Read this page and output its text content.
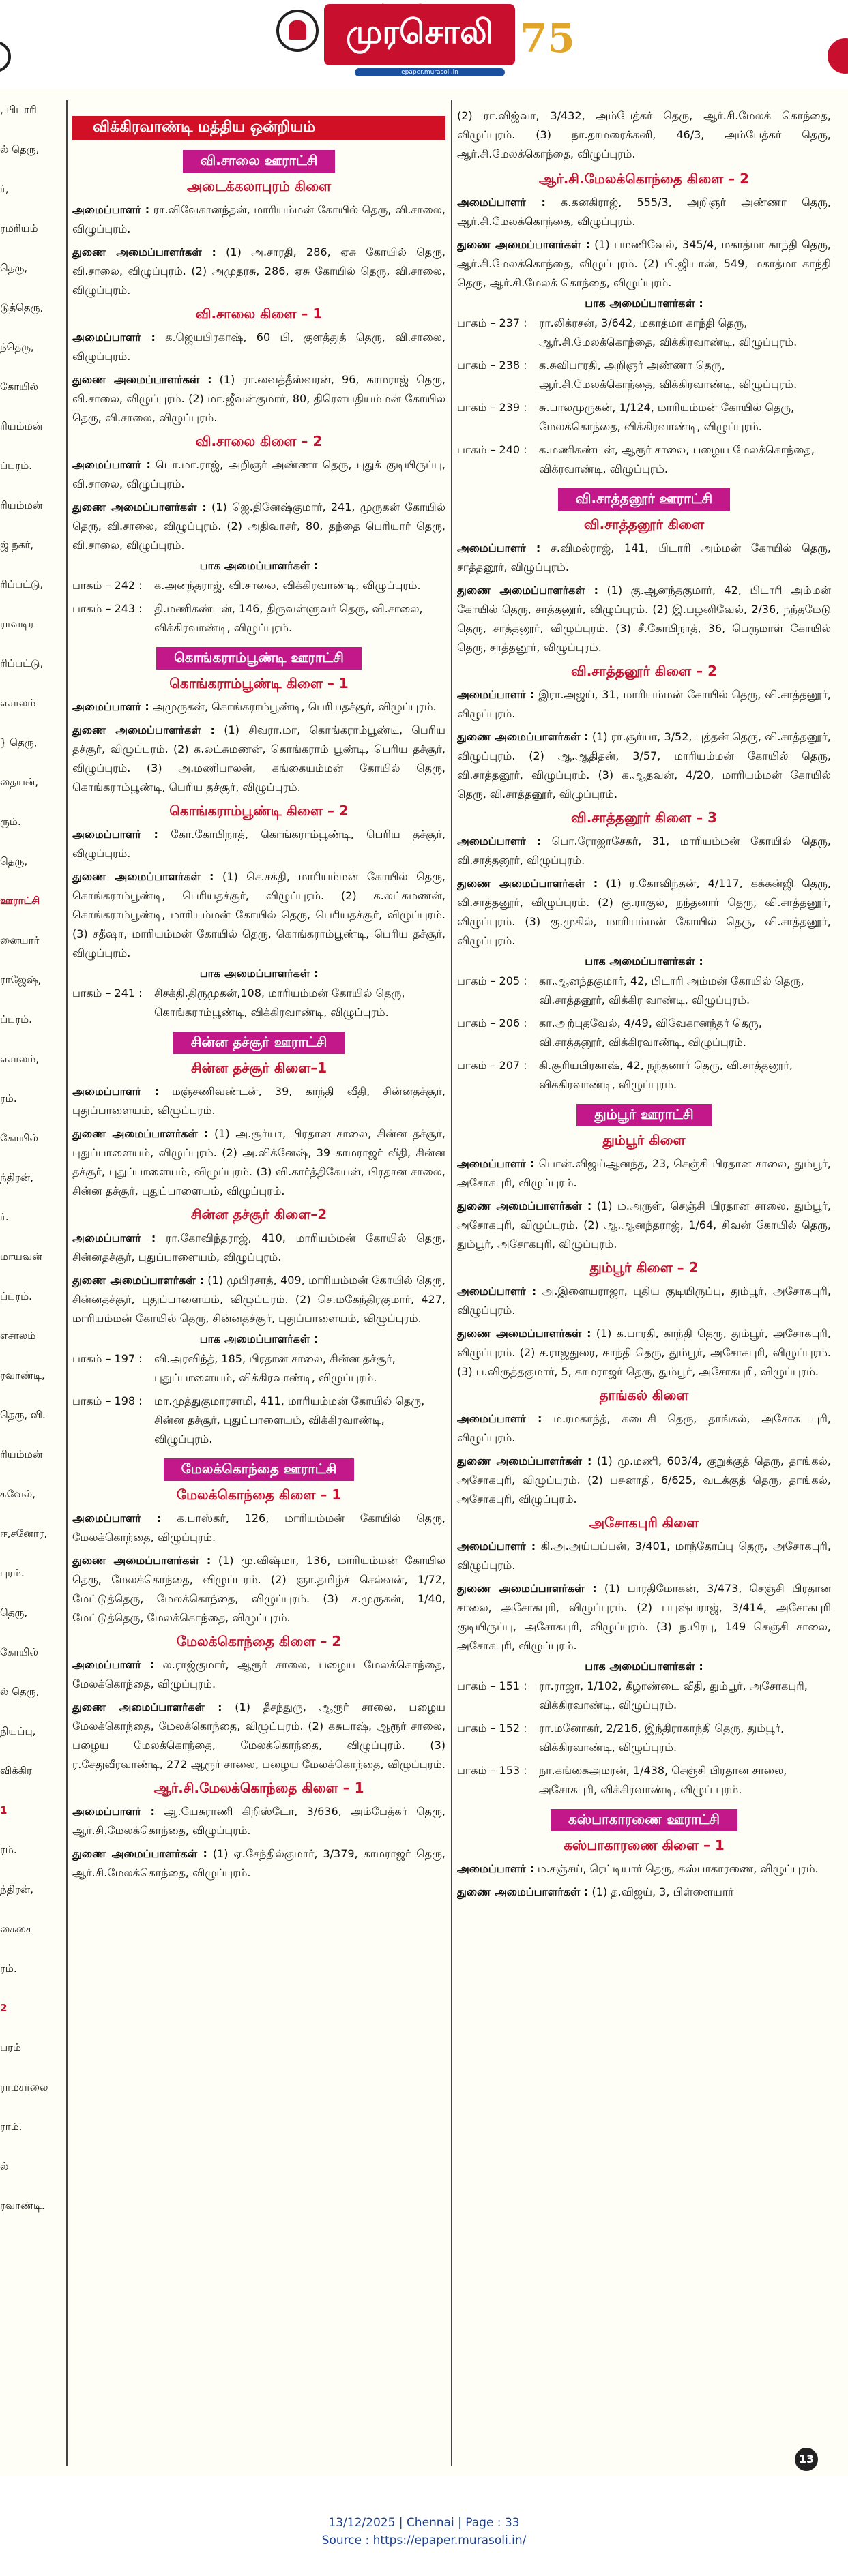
முரசொலி
epaper.murasoli.in
75
, பிடாரி
ல் தெரு,
ர்,
ரமரியம்
தெரு,
டுத்தெரு,
ந்தெரு,
கோயில்
ரியம்மன்
ப்புரம்.
ரியம்மன்
ஜ் நகர்,
ரிப்பட்டு,
ராவடிர
ரிப்பட்டு,
எசாலம்
} தெரு,
தையன்,
ரும்.
தெரு,
ஊராட்சி
னையார்
ராஜேஷ்,
ப்புரம்.
எசாலம்,
ரம்.
கோயில்
ந்திரன்,
ர்.
மாயவன்
ப்புரம்.
எசாலம்
ரவாண்டி,
தெரு, வி.
ரியம்மன்
சுவேல்,
ஈ,சனோர,
புரம்.
தெரு,
கோயில்
ல் தெரு,
நியப்பு,
விக்கிர
1
ரம்.
ந்திரன்,
கைசை
ரம்.
2
பரம்
ராமசாலை
ராம்.
ல்
ரவாண்டி.
விக்கிரவாண்டி மத்திய ஒன்றியம்
வி.சாலை ஊராட்சி
அடைக்கலாபுரம் கிளை
அமைப்பாளர் : ரா.விவேகானந்தன், மாரியம்மன் கோயில் தெரு, வி.சாலை, விழுப்புரம்.
துணை அமைப்பாளர்கள் : (1) அ.சாரதி, 286, ஏசு கோயில் தெரு, வி.சாலை, விழுப்புரம். (2) அமுதரசு, 286, ஏசு கோயில் தெரு, வி.சாலை, விழுப்புரம்.
வி.சாலை கிளை – 1
அமைப்பாளர் : க.ஜெயபிரகாஷ், 60 பி, குளத்துத் தெரு, வி.சாலை, விழுப்புரம்.
துணை அமைப்பாளர்கள் : (1) ரா.வைத்தீஸ்வரன், 96, காமராஜ் தெரு, வி.சாலை, விழுப்புரம். (2) மா.ஜீவன்குமார், 80, திரௌபதியம்மன் கோயில் தெரு, வி.சாலை, விழுப்புரம்.
வி.சாலை கிளை – 2
அமைப்பாளர் : பொ.மா.ராஜ், அறிஞர் அண்ணா தெரு, புதுக் குடியிருப்பு, வி.சாலை, விழுப்புரம்.
துணை அமைப்பாளர்கள் : (1) ஜெ.தினேஷ்குமார், 241, முருகன் கோயில் தெரு, வி.சாலை, விழுப்புரம். (2) அதிவாசர், 80, தந்தை பெரியார் தெரு, வி.சாலை, விழுப்புரம்.
பாக அமைப்பாளர்கள் :
பாகம் – 242 :	க.அனந்தராஜ், வி.சாலை, விக்கிரவாண்டி, விழுப்புரம்.
பாகம் – 243 :	தி.மணிகண்டன், 146, திருவள்ளுவர் தெரு, வி.சாலை, விக்கிரவாண்டி, விழுப்புரம்.
கொங்கராம்பூண்டி ஊராட்சி
கொங்கராம்பூண்டி கிளை – 1
அமைப்பாளர் : அமுருகன், கொங்கராம்பூண்டி, பெரியதச்சூர், விழுப்புரம்.
துணை அமைப்பாளர்கள் : (1) சிவரா.மா, கொங்கராம்பூண்டி, பெரிய தச்சூர், விழுப்புரம். (2) க.லட்சுமணன், கொங்கராம் பூண்டி, பெரிய தச்சூர், விழுப்புரம். (3) அ.மணிபாலன், கங்கையம்மன் கோயில் தெரு, கொங்கராம்பூண்டி, பெரிய தச்சூர், விழுப்புரம்.
கொங்கராம்பூண்டி கிளை – 2
அமைப்பாளர் : கோ.கோபிநாத், கொங்கராம்பூண்டி, பெரிய தச்சூர், விழுப்புரம்.
துணை அமைப்பாளர்கள் : (1) செ.சக்தி, மாரியம்மன் கோயில் தெரு, கொங்கராம்பூண்டி, பெரியதச்சூர், விழுப்புரம். (2) க.லட்சுமணன், கொங்கராம்பூண்டி, மாரியம்மன் கோயில் தெரு, பெரியதச்சூர், விழுப்புரம். (3) சதீஷா, மாரியம்மன் கோயில் தெரு, கொங்கராம்பூண்டி, பெரிய தச்சூர், விழுப்புரம்.
பாக அமைப்பாளர்கள் :
பாகம் – 241 :	சிசக்தி.திருமுகன்,108, மாரியம்மன் கோயில் தெரு, கொங்கராம்பூண்டி, விக்கிரவாண்டி, விழுப்புரம்.
சின்ன தச்சூர் ஊராட்சி
சின்ன தச்சூர் கிளை–1
அமைப்பாளர் : மஞ்சணிவண்டன், 39, காந்தி வீதி, சின்னதச்சூர், புதுப்பாளையம், விழுப்புரம்.
துணை அமைப்பாளர்கள் : (1) அ.சூர்யா, பிரதான சாலை, சின்ன தச்சூர், புதுப்பாளையம், விழுப்புரம். (2) அ.விக்னேஷ், 39 காமராஜர் வீதி, சின்ன தச்சூர், புதுப்பாளையம், விழுப்புரம். (3) வி.கார்த்திகேயன், பிரதான சாலை, சின்ன தச்சூர், புதுப்பாளையம், விழுப்புரம்.
சின்ன தச்சூர் கிளை–2
அமைப்பாளர் : ரா.கோவிந்தராஜ், 410, மாரியம்மன் கோயில் தெரு, சின்னதச்சூர், புதுப்பாளையம், விழுப்புரம்.
துணை அமைப்பாளர்கள் : (1) முபிரசாத், 409, மாரியம்மன் கோயில் தெரு, சின்னதச்சூர், புதுப்பாளையம், விழுப்புரம். (2) செ.மகேந்திரகுமார், 427, மாரியம்மன் கோயில் தெரு, சின்னதச்சூர், புதுப்பாளையம், விழுப்புரம்.
பாக அமைப்பாளர்கள் :
பாகம் – 197 :	வி.அரவிந்த், 185, பிரதான சாலை, சின்ன தச்சூர், புதுப்பாளையம், விக்கிரவாண்டி, விழுப்புரம்.
பாகம் – 198 :	மா.முத்துகுமாரசாமி, 411, மாரியம்மன் கோயில் தெரு, சின்ன தச்சூர், புதுப்பாளையம், விக்கிரவாண்டி, விழுப்புரம்.
மேலக்கொந்தை ஊராட்சி
மேலக்கொந்தை கிளை – 1
அமைப்பாளர் : க.பாஸ்கர், 126, மாரியம்மன் கோயில் தெரு, மேலக்கொந்தை, விழுப்புரம்.
துணை அமைப்பாளர்கள் : (1) மு.விஷ்மா, 136, மாரியம்மன் கோயில் தெரு, மேலக்கொந்தை, விழுப்புரம். (2) ஞா.தமிழ்ச் செல்வன், 1/72, மேட்டுத்தெரு, மேலக்கொந்தை, விழுப்புரம். (3) ச.முருகன், 1/40, மேட்டுத்தெரு, மேலக்கொந்தை, விழுப்புரம்.
மேலக்கொந்தை கிளை – 2
அமைப்பாளர் : ல.ராஜ்குமார், ஆரூர் சாலை, பழைய மேலக்கொந்தை, மேலக்கொந்தை, விழுப்புரம்.
துணை அமைப்பாளர்கள் : (1) தீசந்துரு, ஆரூர் சாலை, பழைய மேலக்கொந்தை, மேலக்கொந்தை, விழுப்புரம். (2) கசுபாஷ், ஆரூர் சாலை, பழைய மேலக்கொந்தை, மேலக்கொந்தை, விழுப்புரம். (3) ர.சேதுவீரவாண்டி, 272 ஆரூர் சாலை, பழைய மேலக்கொந்தை, விழுப்புரம்.
ஆர்.சி.மேலக்கொந்தை கிளை – 1
அமைப்பாளர் : ஆ.யேசுராணி கிறிஸ்டோ, 3/636, அம்பேத்கர் தெரு, ஆர்.சி.மேலக்கொந்தை, விழுப்புரம்.
துணை அமைப்பாளர்கள் : (1) ஏ.சேந்தில்குமார், 3/379, காமராஜர் தெரு, ஆர்.சி.மேலக்கொந்தை, விழுப்புரம்.
(2) ரா.விஜ்வா, 3/432, அம்பேத்கர் தெரு, ஆர்.சி.மேலக் கொந்தை, விழுப்புரம். (3) நா.தாமரைக்கனி, 46/3, அம்பேத்கர் தெரு, ஆர்.சி.மேலக்கொந்தை, விழுப்புரம்.
ஆர்.சி.மேலக்கொந்தை கிளை – 2
அமைப்பாளர் : க.கனகிராஜ், 555/3, அறிஞர் அண்ணா தெரு, ஆர்.சி.மேலக்கொந்தை, விழுப்புரம்.
துணை அமைப்பாளர்கள் : (1) பமணிவேல், 345/4, மகாத்மா காந்தி தெரு, ஆர்.சி.மேலக்கொந்தை, விழுப்புரம். (2) பி.ஜியான், 549, மகாத்மா காந்தி தெரு, ஆர்.சி.மேலக் கொந்தை, விழுப்புரம்.
பாக அமைப்பாளர்கள் :
பாகம் – 237 :	ரா.லிக்ரசன், 3/642, மகாத்மா காந்தி தெரு, ஆர்.சி.மேலக்கொந்தை, விக்கிரவாண்டி, விழுப்புரம்.
பாகம் – 238 :	க.சுவிபாரதி, அறிஞர் அண்ணா தெரு, ஆர்.சி.மேலக்கொந்தை, விக்கிரவாண்டி, விழுப்புரம்.
பாகம் – 239 :	சு.பாலமுருகன், 1/124, மாரியம்மன் கோயில் தெரு, மேலக்கொந்தை, விக்கிரவாண்டி, விழுப்புரம்.
பாகம் – 240 :	க.மணிகண்டன், ஆரூர் சாலை, பழைய மேலக்கொந்தை, விக்ரவாண்டி, விழுப்புரம்.
வி.சாத்தனூர் ஊராட்சி
வி.சாத்தனூர் கிளை
அமைப்பாளர் : ச.விமல்ராஜ், 141, பிடாரி அம்மன் கோயில் தெரு, சாத்தனூர், விழுப்புரம்.
துணை அமைப்பாளர்கள் : (1) கு.ஆனந்தகுமார், 42, பிடாரி அம்மன் கோயில் தெரு, சாத்தனூர், விழுப்புரம். (2) இ.பழனிவேல், 2/36, நந்தமேடு தெரு, சாத்தனூர், விழுப்புரம். (3) சீ.கோபிநாத், 36, பெருமாள் கோயில் தெரு, சாத்தனூர், விழுப்புரம்.
வி.சாத்தனூர் கிளை – 2
அமைப்பாளர் : இரா.அஜய், 31, மாரியம்மன் கோயில் தெரு, வி.சாத்தனூர், விழுப்புரம்.
துணை அமைப்பாளர்கள் : (1) ரா.சூர்யா, 3/52, புத்தன் தெரு, வி.சாத்தனூர், விழுப்புரம். (2) ஆ.ஆதிதன், 3/57, மாரியம்மன் கோயில் தெரு, வி.சாத்தனூர், விழுப்புரம். (3) க.ஆதவன், 4/20, மாரியம்மன் கோயில் தெரு, வி.சாத்தனூர், விழுப்புரம்.
வி.சாத்தனூர் கிளை – 3
அமைப்பாளர் : பொ.ரோஜாசேகர், 31, மாரியம்மன் கோயில் தெரு, வி.சாத்தனூர், விழுப்புரம்.
துணை அமைப்பாளர்கள் : (1) ர.கோவிந்தன், 4/117, கக்கன்ஜி தெரு, வி.சாத்தனூர், விழுப்புரம். (2) கு.ராகுல், நந்தனார் தெரு, வி.சாத்தனூர், விழுப்புரம். (3) கு.முகில், மாரியம்மன் கோயில் தெரு, வி.சாத்தனூர், விழுப்புரம்.
பாக அமைப்பாளர்கள் :
பாகம் – 205 :	கா.ஆனந்தகுமார், 42, பிடாரி அம்மன் கோயில் தெரு, வி.சாத்தனூர், விக்கிர வாண்டி, விழுப்புரம்.
பாகம் – 206 :	கா.அற்புதவேல், 4/49, விவேகானந்தர் தெரு, வி.சாத்தனூர், விக்கிரவாண்டி, விழுப்புரம்.
பாகம் – 207 :	கி.சூரியபிரகாஷ், 42, நந்தனார் தெரு, வி.சாத்தனூர், விக்கிரவாண்டி, விழுப்புரம்.
தும்பூர் ஊராட்சி
தும்பூர் கிளை
அமைப்பாளர் : பொன்.விஜய்ஆனந்த், 23, செஞ்சி பிரதான சாலை, தும்பூர், அசோகபுரி, விழுப்புரம்.
துணை அமைப்பாளர்கள் : (1) ம.அருள், செஞ்சி பிரதான சாலை, தும்பூர், அசோகபுரி, விழுப்புரம். (2) ஆ.ஆனந்தராஜ், 1/64, சிவன் கோயில் தெரு, தும்பூர், அசோகபுரி, விழுப்புரம்.
தும்பூர் கிளை – 2
அமைப்பாளர் : அ.இளையராஜா, புதிய குடியிருப்பு, தும்பூர், அசோகபுரி, விழுப்புரம்.
துணை அமைப்பாளர்கள் : (1) க.பாரதி, காந்தி தெரு, தும்பூர், அசோகபுரி, விழுப்புரம். (2) ச.ராஜதுரை, காந்தி தெரு, தும்பூர், அசோகபுரி, விழுப்புரம். (3) ப.விருத்தகுமார், 5, காமராஜர் தெரு, தும்பூர், அசோகபுரி, விழுப்புரம்.
தாங்கல் கிளை
அமைப்பாளர் : ம.ரமகாந்த், கடைசி தெரு, தாங்கல், அசோக புரி, விழுப்புரம்.
துணை அமைப்பாளர்கள் : (1) மு.மணி, 603/4, குறுக்குத் தெரு, தாங்கல், அசோகபுரி, விழுப்புரம். (2) பசுனாதி, 6/625, வடக்குத் தெரு, தாங்கல், அசோகபுரி, விழுப்புரம்.
அசோகபுரி கிளை
அமைப்பாளர் : கி.அ.அய்யப்பன், 3/401, மாந்தோப்பு தெரு, அசோகபுரி, விழுப்புரம்.
துணை அமைப்பாளர்கள் : (1) பாரதிமோகன், 3/473, செஞ்சி பிரதான சாலை, அசோகபுரி, விழுப்புரம். (2) பபுஷ்பராஜ், 3/414, அசோகபுரி குடியிருப்பு, அசோகபுரி, விழுப்புரம். (3) ந.பிரபு, 149 செஞ்சி சாலை, அசோகபுரி, விழுப்புரம்.
பாக அமைப்பாளர்கள் :
பாகம் – 151 :	ரா.ராஜா, 1/102, கீழாண்டை வீதி, தும்பூர், அசோகபுரி, விக்கிரவாண்டி, விழுப்புரம்.
பாகம் – 152 :	ரா.மனோகர், 2/216, இந்திராகாந்தி தெரு, தும்பூர், விக்கிரவாண்டி, விழுப்புரம்.
பாகம் – 153 :	நா.கங்கைஅமரன், 1/438, செஞ்சி பிரதான சாலை, அசோகபுரி, விக்கிரவாண்டி, விழுப் புரம்.
கஸ்பாகாரணை ஊராட்சி
கஸ்பாகாரணை கிளை – 1
அமைப்பாளர் : ம.சஞ்சய், ரெட்டியார் தெரு, கஸ்பாகாரணை, விழுப்புரம்.
துணை அமைப்பாளர்கள் : (1) த.விஜய், 3, பிள்ளையார்
13
13/12/2025 | Chennai | Page : 33
Source : https://epaper.murasoli.in/
